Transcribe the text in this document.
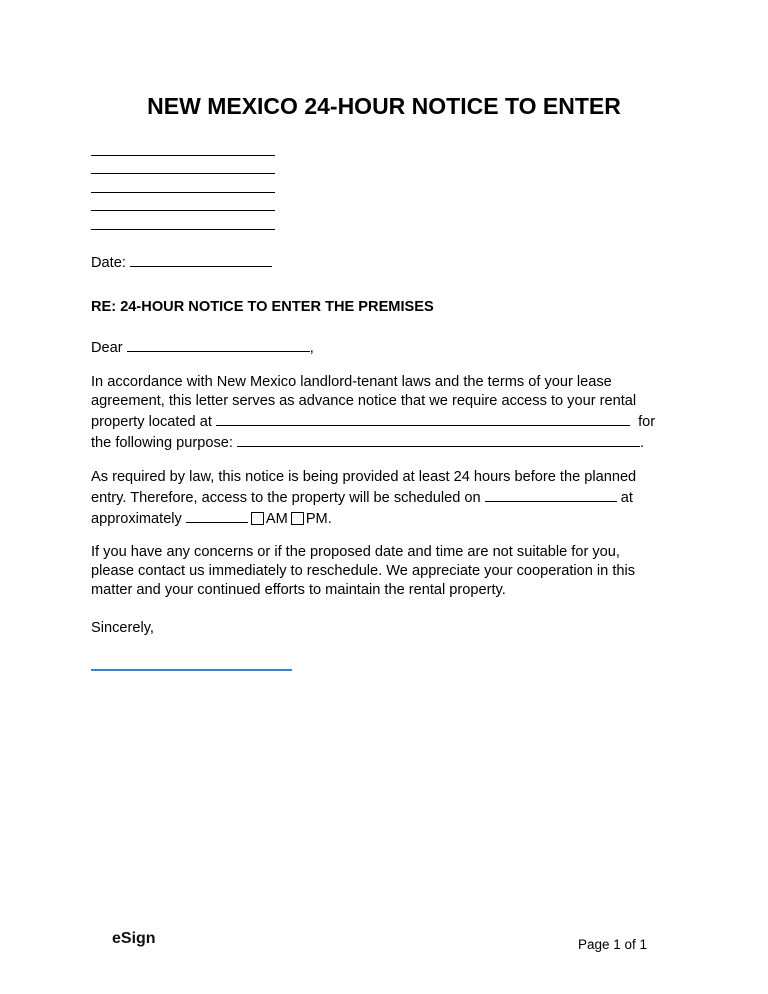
NEW MEXICO 24-HOUR NOTICE TO ENTER
Date:
RE: 24-HOUR NOTICE TO ENTER THE PREMISES
Dear	,
In accordance with New Mexico landlord-tenant laws and the terms of your lease
agreement, this letter serves as advance notice that we require access to your rental
property located at	for
the following purpose:	.
As required by law, this notice is being provided at least 24 hours before the planned
entry. Therefore, access to the property will be scheduled on	at
approximately	AM PM.
If you have any concerns or if the proposed date and time are not suitable for you,
please contact us immediately to reschedule. We appreciate your cooperation in this
matter and your continued efforts to maintain the rental property.
Sincerely,
eSign	Page 1 of 1
